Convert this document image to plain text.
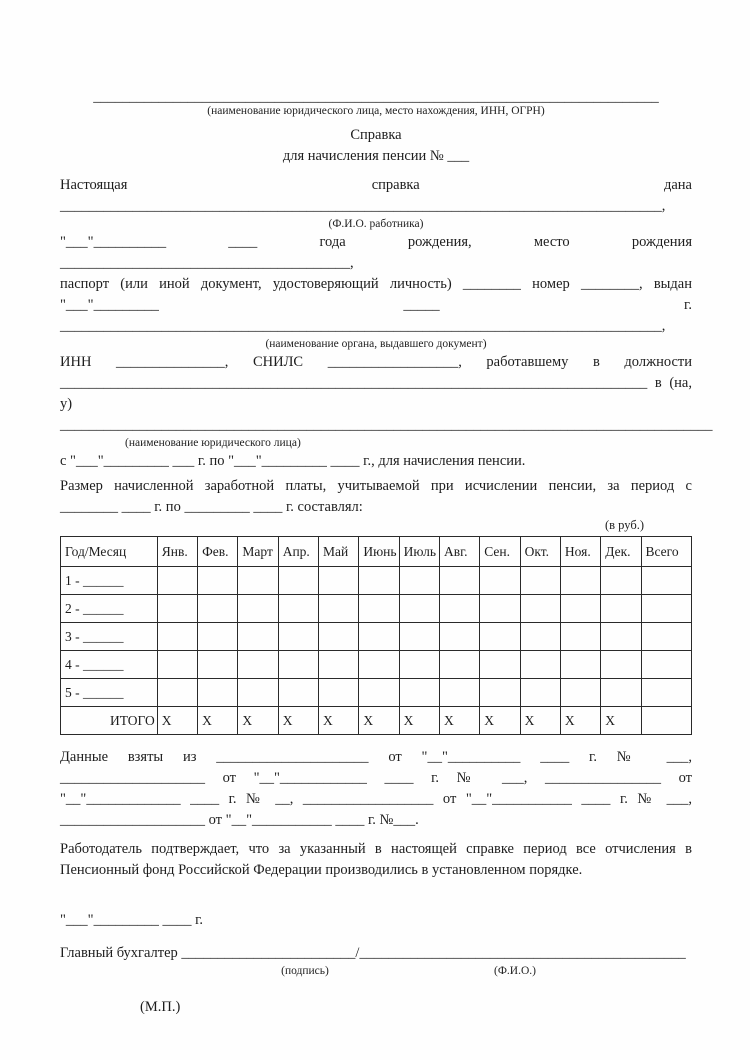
______________________________________________________________________________
(наименование юридического лица, место нахождения, ИНН, ОГРН)
Справка
для начисления пенсии № ___
Настоящая справка дана ___________________________________________________________________________________,
(Ф.И.О. работника)
"___"__________ ____ года рождения, место рождения ________________________________________,
паспорт (или иной документ, удостоверяющий личность) ________ номер ________, выдан
"___"_________ _____ г. ___________________________________________________________________________________,
(наименование органа, выдавшего документ)
ИНН _______________, СНИЛС __________________, работавшему в должности
_________________________________________________________________________________ в (на, у)
__________________________________________________________________________________________
(наименование юридического лица)
с "___"_________ ___ г. по "___"_________ ____ г., для начисления пенсии.
Размер начисленной заработной платы, учитываемой при исчислении пенсии, за период с
________ ____ г. по _________ ____ г. составлял:
(в руб.)
Год/Месяц	Янв.	Фев.	Март	Апр.	Май	Июнь	Июль	Авг.	Сен.	Окт.	Ноя.	Дек.	Всего
1 - ______													
2 - ______													
3 - ______													
4 - ______													
5 - ______													
ИТОГО	X	X	X	X	X	X	X	X	X	X	X	X	
Данные взяты из _____________________ от "__"__________ ____ г. № ___,
____________________ от "__"____________ ____ г. № ___, ________________ от
"__"_____________ ____ г. № __, __________________ от "__"___________ ____ г. № ___,
____________________ от "__"___________ ____ г. №___.
Работодатель подтверждает, что за указанный в настоящей справке период все отчисления в
Пенсионный фонд Российской Федерации производились в установленном порядке.
"___"_________ ____ г.
Главный бухгалтер ________________________/_____________________________________________
(подпись)	(Ф.И.О.)
(М.П.)
